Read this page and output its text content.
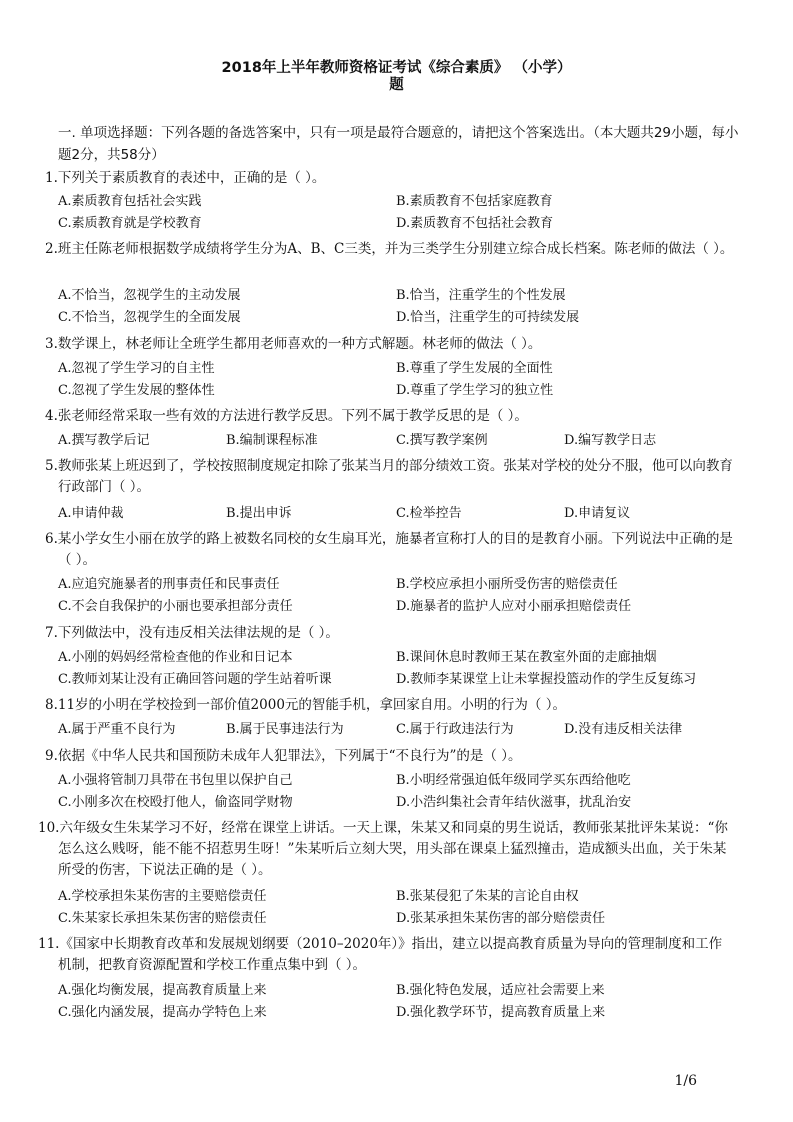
2018年上半年教师资格证考试《综合素质》 （小学）
题
一. 单项选择题：下列各题的备选答案中，只有一项是最符合题意的，请把这个答案选出。（本大题共29小题，每小题2分，共58分）
1.下列关于素质教育的表述中，正确的是（ ）。
A.素质教育包括社会实践	B.素质教育不包括家庭教育
C.素质教育就是学校教育	D.素质教育不包括社会教育
2.班主任陈老师根据数学成绩将学生分为A、B、C三类，并为三类学生分别建立综合成长档案。陈老师的做法（ ）。
A.不恰当，忽视学生的主动发展	B.恰当，注重学生的个性发展
C.不恰当，忽视学生的全面发展	D.恰当，注重学生的可持续发展
3.数学课上，林老师让全班学生都用老师喜欢的一种方式解题。林老师的做法（ ）。
A.忽视了学生学习的自主性	B.尊重了学生发展的全面性
C.忽视了学生发展的整体性	D.尊重了学生学习的独立性
4.张老师经常采取一些有效的方法进行教学反思。下列不属于教学反思的是（ ）。
A.撰写教学后记	B.编制课程标准	C.撰写教学案例	D.编写教学日志
5.教师张某上班迟到了，学校按照制度规定扣除了张某当月的部分绩效工资。张某对学校的处分不服，他可以向教育行政部门（ ）。
A.申请仲裁	B.提出申诉	C.检举控告	D.申请复议
6.某小学女生小丽在放学的路上被数名同校的女生扇耳光，施暴者宣称打人的目的是教育小丽。下列说法中正确的是（ ）。
A.应追究施暴者的刑事责任和民事责任	B.学校应承担小丽所受伤害的赔偿责任
C.不会自我保护的小丽也要承担部分责任	D.施暴者的监护人应对小丽承担赔偿责任
7.下列做法中，没有违反相关法律法规的是（ ）。
A.小刚的妈妈经常检查他的作业和日记本	B.课间休息时教师王某在教室外面的走廊抽烟
C.教师刘某让没有正确回答问题的学生站着听课	D.教师李某课堂上让未掌握投篮动作的学生反复练习
8.11岁的小明在学校捡到一部价值2000元的智能手机，拿回家自用。小明的行为（ ）。
A.属于严重不良行为	B.属于民事违法行为	C.属于行政违法行为	D.没有违反相关法律
9.依据《中华人民共和国预防未成年人犯罪法》，下列属于“不良行为”的是（ ）。
A.小强将管制刀具带在书包里以保护自己	B.小明经常强迫低年级同学买东西给他吃
C.小刚多次在校殴打他人，偷盗同学财物	D.小浩纠集社会青年结伙滋事，扰乱治安
10.六年级女生朱某学习不好，经常在课堂上讲话。一天上课，朱某又和同桌的男生说话，教师张某批评朱某说：“你怎么这么贱呀，能不能不招惹男生呀！”朱某听后立刻大哭，用头部在课桌上猛烈撞击，造成额头出血，关于朱某所受的伤害，下说法正确的是（ ）。
A.学校承担朱某伤害的主要赔偿责任	B.张某侵犯了朱某的言论自由权
C.朱某家长承担朱某伤害的赔偿责任	D.张某承担朱某伤害的部分赔偿责任
11.《国家中长期教育改革和发展规划纲要（2010–2020年）》指出，建立以提高教育质量为导向的管理制度和工作机制，把教育资源配置和学校工作重点集中到（ ）。
A.强化均衡发展，提高教育质量上来	B.强化特色发展，适应社会需要上来
C.强化内涵发展，提高办学特色上来	D.强化教学环节，提高教育质量上来
1/6
